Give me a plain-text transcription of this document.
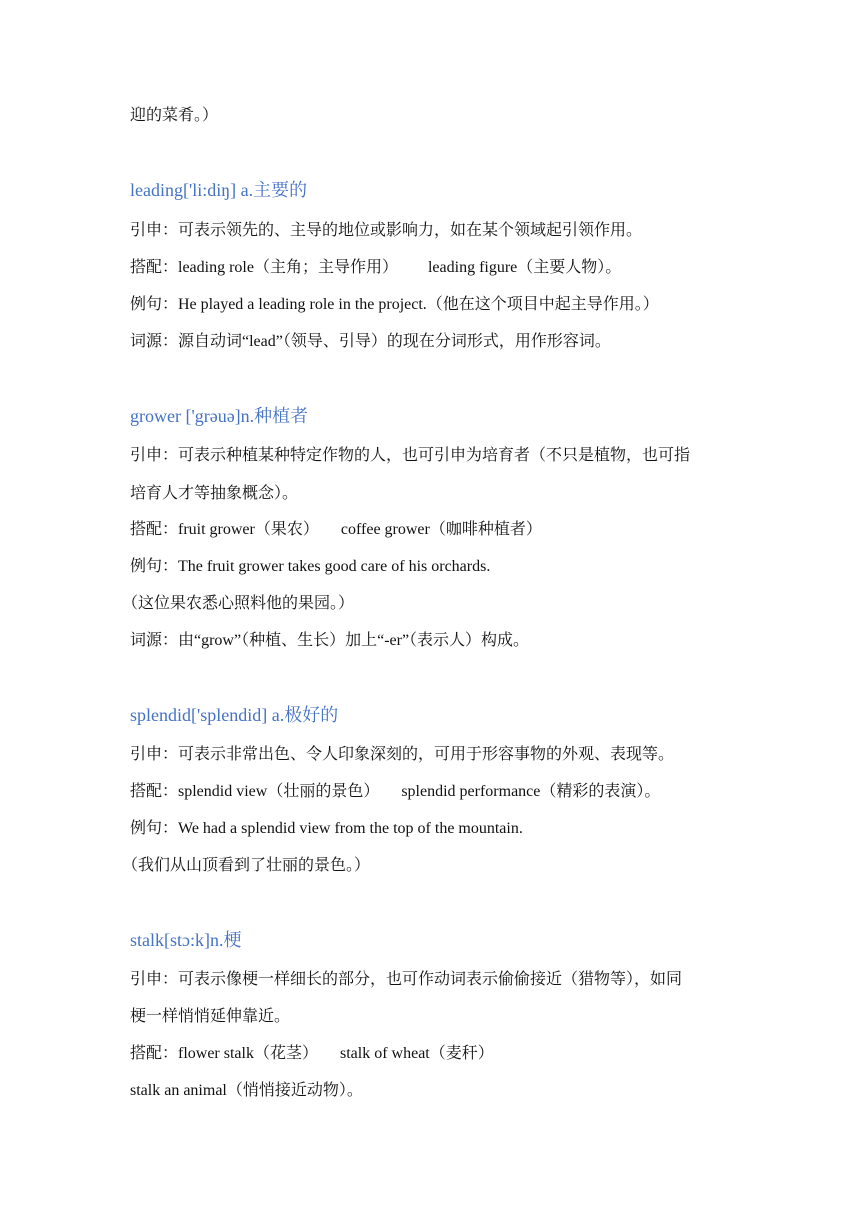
迎的菜肴。）
leading['li:diŋ] a.主要的
引申：可表示领先的、主导的地位或影响力，如在某个领域起引领作用。
搭配：leading role（主角；主导作用） leading figure（主要人物）。
例句：He played a leading role in the project.（他在这个项目中起主导作用。）
词源：源自动词“lead”（领导、引导）的现在分词形式，用作形容词。
grower ['grəuə]n.种植者
引申：可表示种植某种特定作物的人，也可引申为培育者（不只是植物，也可指
培育人才等抽象概念）。
搭配：fruit grower（果农） coffee grower（咖啡种植者）
例句：The fruit grower takes good care of his orchards.
（这位果农悉心照料他的果园。）
词源：由“grow”（种植、生长）加上“-er”（表示人）构成。
splendid['splendid] a.极好的
引申：可表示非常出色、令人印象深刻的，可用于形容事物的外观、表现等。
搭配：splendid view（壮丽的景色） splendid performance（精彩的表演）。
例句：We had a splendid view from the top of the mountain.
（我们从山顶看到了壮丽的景色。）
stalk[stɔ:k]n.梗
引申：可表示像梗一样细长的部分，也可作动词表示偷偷接近（猎物等），如同
梗一样悄悄延伸靠近。
搭配：flower stalk（花茎） stalk of wheat（麦秆）
stalk an animal（悄悄接近动物）。
